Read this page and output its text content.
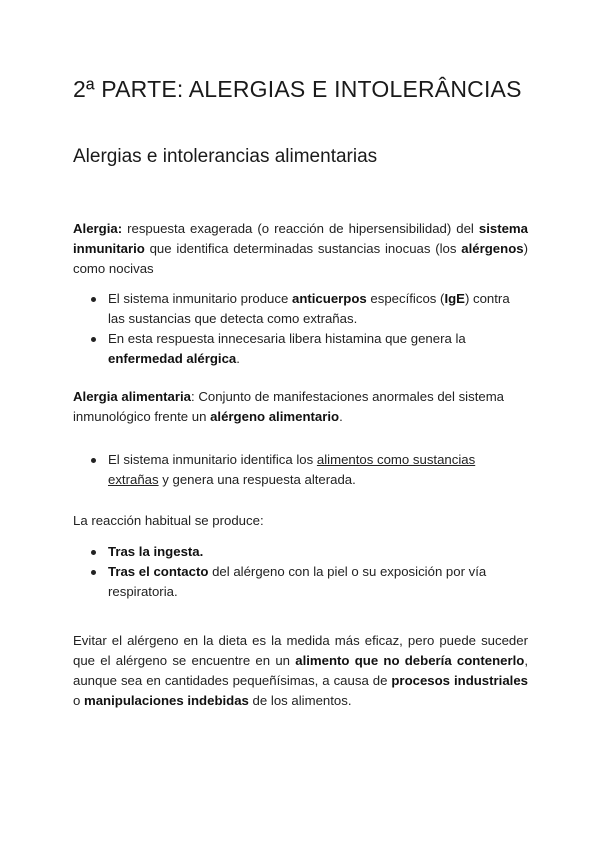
2ª PARTE: ALERGIAS E INTOLERÂNCIAS
Alergias e intolerancias alimentarias

Alergia: respuesta exagerada (o reacción de hipersensibilidad) del sistema inmunitario que identifica determinadas sustancias inocuas (los alérgenos) como nocivas

El sistema inmunitario produce anticuerpos específicos (IgE) contra las sustancias que detecta como extrañas.
En esta respuesta innecesaria libera histamina que genera la enfermedad alérgica.

Alergia alimentaria: Conjunto de manifestaciones anormales del sistema inmunológico frente un alérgeno alimentario.

El sistema inmunitario identifica los alimentos como sustancias extrañas y genera una respuesta alterada.

La reacción habitual se produce:

Tras la ingesta.
Tras el contacto del alérgeno con la piel o su exposición por vía respiratoria.

Evitar el alérgeno en la dieta es la medida más eficaz, pero puede suceder que el alérgeno se encuentre en un alimento que no debería contenerlo, aunque sea en cantidades pequeñísimas, a causa de procesos industriales o manipulaciones indebidas de los alimentos.
